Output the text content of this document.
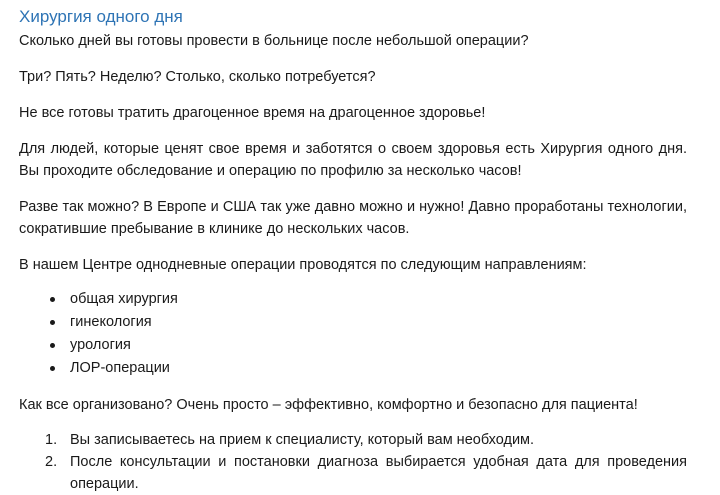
Хирургия одного дня

Сколько дней вы готовы провести в больнице после небольшой операции?

Три? Пять? Неделю? Столько, сколько потребуется?

Не все готовы тратить драгоценное время на драгоценное здоровье!

Для людей, которые ценят свое время и заботятся о своем здоровья есть Хирургия одного дня. Вы проходите обследование и операцию по профилю за несколько часов!

Разве так можно? В Европе и США так уже давно можно и нужно! Давно проработаны технологии, сократившие пребывание в клинике до нескольких часов.

В нашем Центре однодневные операции проводятся по следующим направлениям:

общая хирургия
гинекология
урология
ЛОР-операции

Как все организовано? Очень просто – эффективно, комфортно и безопасно для пациента!

1. Вы записываетесь на прием к специалисту, который вам необходим.
2. После консультации и постановки диагноза выбирается удобная дата для проведения операции.
